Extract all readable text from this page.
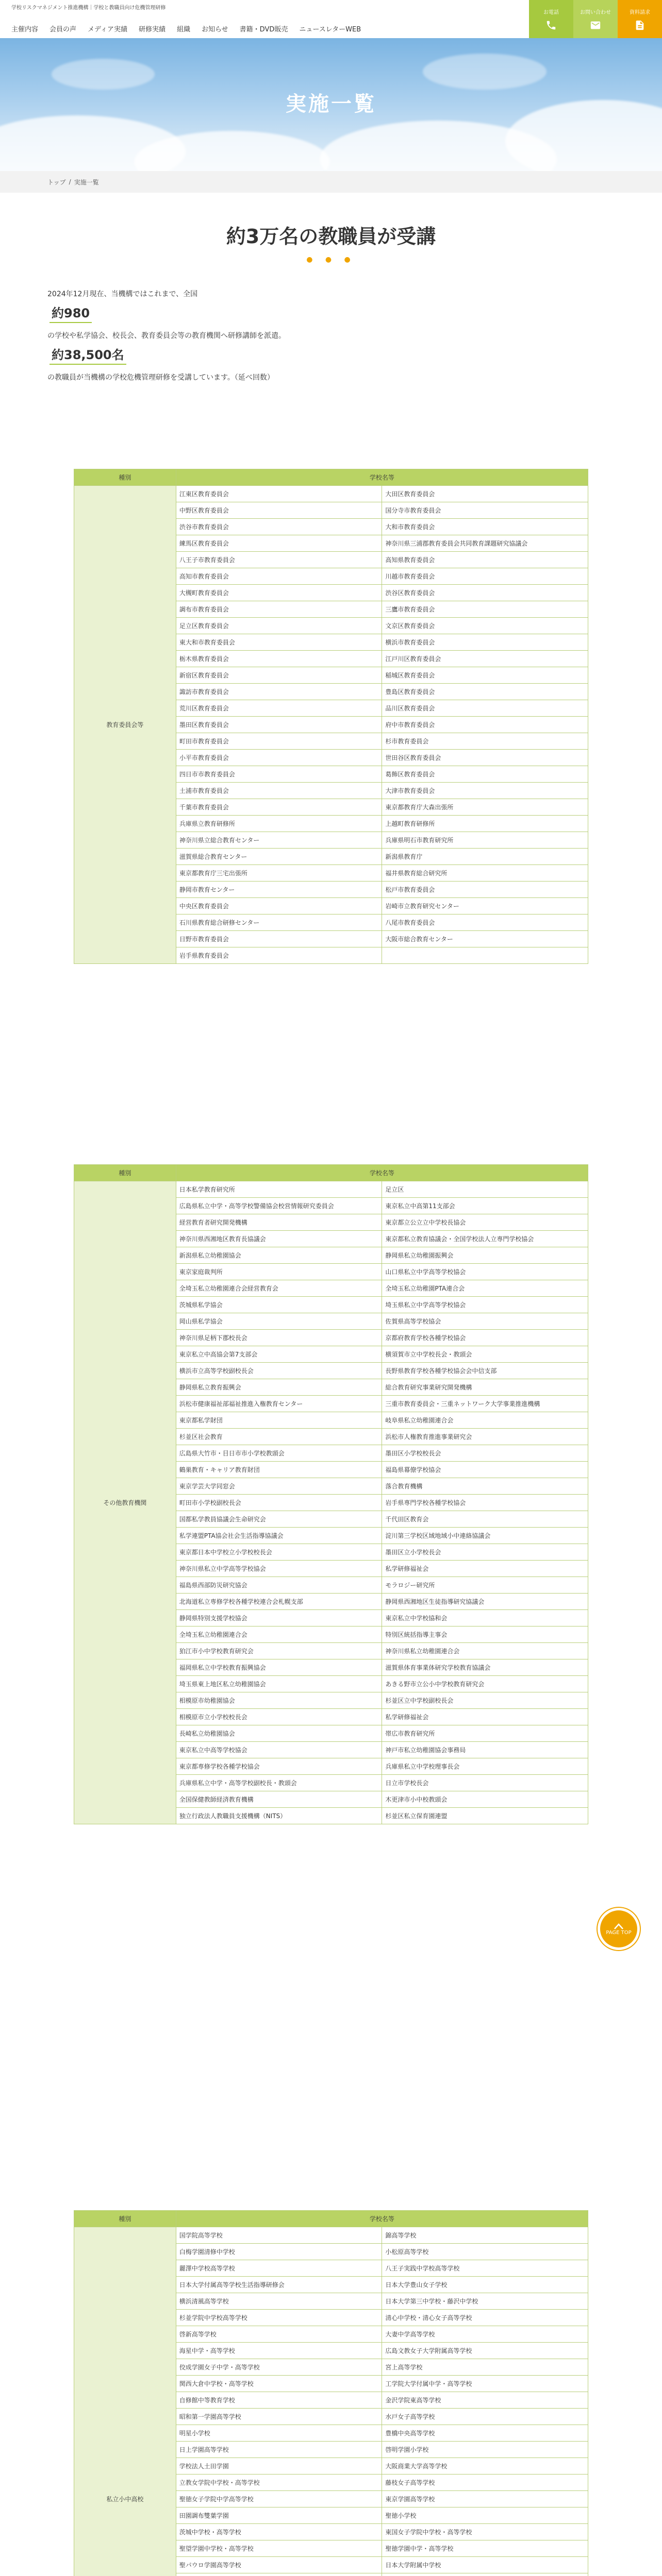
学校リスクマネジメント推進機構｜学校と教職員向け危機管理研修
主催内容 会員の声 メディア実績 研修実績 組織 お知らせ 書籍・DVD販売 ニュースレターWEB
お電話	お問い合わせ	資料請求
実施一覧
トップ / 実施一覧
約3万名の教職員が受講
● ● ●
2024年12月現在、当機構ではこれまで、全国
約980
の学校や私学協会、校長会、教育委員会等の教育機関へ研修講師を派遣。
約38,500名
の教職員が当機構の学校危機管理研修を受講しています。（延べ回数）
種別	学校名等	
教育委員会等	江東区教育委員会	大田区教育委員会
	中野区教育委員会	国分寺市教育委員会
	渋谷市教育委員会	大和市教育委員会
	練馬区教育委員会	神奈川県三浦郡教育委員会共同教育課題研究協議会
	八王子市教育委員会	高知県教育委員会
	高知市教育委員会	川越市教育委員会
	大槻町教育委員会	渋谷区教育委員会
	調布市教育委員会	三鷹市教育委員会
	足立区教育委員会	文京区教育委員会
	東大和市教育委員会	横浜市教育委員会
	栃木県教育委員会	江戸川区教育委員会
	新宿区教育委員会	稲城区教育委員会
	諏訪市教育委員会	豊島区教育委員会
	荒川区教育委員会	品川区教育委員会
	墨田区教育委員会	府中市教育委員会
	町田市教育委員会	杉市教育委員会
	小平市教育委員会	世田谷区教育委員会
	四日市市教育委員会	葛飾区教育委員会
	土浦市教育委員会	大津市教育委員会
	千葉市教育委員会	東京都教育庁大森出張所
	兵庫県立教育研修所	上越町教育研修所
	神奈川県立総合教育センター	兵庫県明石市教育研究所
	滋賀県総合教育センター	新潟県教育庁
	東京都教育庁三宅出張所	福井県教育総合研究所
	静岡市教育センター	松戸市教育委員会
	中央区教育委員会	岩崎市立教育研究センター
	石川県教育総合研修センター	八尾市教育委員会
	日野市教育委員会	大阪市総合教育センター
	岩手県教育委員会	
種別	学校名等	
その他教育機関	日本私学教育研究所	足立区
	広島県私立中学・高等学校警備協会校営情報研究委員会	東京私立中高第11支部会
	経営教育者研究開発機構	東京都立公立立中学校長協会
	神奈川県西湘地区教育長協議会	東京都私立教育協議会・全国学校法人立専門学校協会
	新潟県私立幼稚園協会	静岡県私立幼稚園振興会
	東京家庭裁判所	山口県私立中学高等学校協会
	全埼玉私立幼稚園連合会経営教育会	全埼玉私立幼稚園PTA連合会
	茨城県私学協会	埼玉県私立中学高等学校協会
	岡山県私学協会	佐賀県高等学校協会
	神奈川県足柄下郡校長会	京都府教育学校各種学校協会
	東京私立中高協会第7支部会	横須賀市立中学校長会・教頭会
	横浜市立高等学校副校長会	長野県教育学校各種学校協会会中信支部
	静岡県私立教育振興会	総合教育研究事業研究開発機構
	浜松市健康福祉部福祉推進入権教育センター	三重市教育委員会・三重ネットワーク大学事業推進機構
	東京都私学財団	岐阜県私立幼稚園連合会
	杉並区社会教育	浜松市人権教育推進事業研究会
	広島県大竹市・目日市市小学校教頭会	墨田区小学校校長会
	鶴巣教育・キャリア教育財団	福島県幕僚学校協会
	東京学芸大学同窓会	落合教育機構
	町田市小学校副校長会	岩手県専門学校各種学校協会
	国都私学教員協議会生命研究会	千代田区教育会
	私学連盟PTA協会社会生活指導協議会	淀川第三学校区域地域小中連絡協議会
	東京都日本中学校立小学校校長会	墨田区立小学校長会
	神奈川県私立中学高等学校協会	私学研修福祉会
	福島県西部防災研究協会	モラロジー研究所
	北海道私立専修学校各種学校連合会札幌支部	静岡県西湘地区生徒指導研究協議会
	静岡県特別支援学校協会	東京私立中学校協和会
	全埼玉私立幼稚園連合会	特別区統括指導主事会
	狛江市小中学校教育研究会	神奈川県私立幼稚園連合会
	福岡県私立中学校教育振興協会	滋賀県体育事業体研究学校教育協議会
	埼玉県東上地区私立幼稚園協会	あきる野市立公小中学校教育研究会
	相模原市幼稚園協会	杉並区立中学校副校長会
	相模原市立小学校校長会	私学研修福祉会
	長崎私立幼稚園協会	帯広市教育研究所
	東京私立中高等学校協会	神戸市私立幼稚園協会事務局
	東京都専修学校各種学校協会	兵庫県私立中学校理事長会
	兵庫県私立中学・高等学校副校長・教頭会	日立市学校長会
	全国保健教師経済教育機構	木更津市小中校教頭会
	独立行政法人教職員支援機構（NITS）	杉並区私立保育園連盟
種別	学校名等	
私立小中高校	国学院高等学校	錦高等学校
	白梅学園清修中学校	小松原高等学校
	麗澤中学校高等学校	八王子実践中学校高等学校
	日本大学付属高等学校生活指導研修会	日本大学豊山女子学校
	横浜清風高等学校	日本大学第三中学校・藤沢中学校
	杉並学院中学校高等学校	清心中学校・清心女子高等学校
	啓新高等学校	大妻中学高等学校
	海星中学・高等学校	広島文教女子大学附属高等学校
	佼成学園女子中学・高等学校	宮上高等学校
	関西大倉中学校・高等学校	工学院大学付属中学・高等学校
	自修館中等教育学校	金沢学院東高等学校
	昭和第一学園高等学校	水戸女子高等学校
	明星小学校	豊橋中央高等学校
	日上学園高等学校	啓明学園小学校
	学校法人土田学園	大阪商業大学高等学校
	立教女学院中学校・高等学校	藤枝女子高等学校
	聖徳女子学院中学高等学校	東京学園高等学校
	田園調布雙葉学園	聖徳小学校
	茨城中学校・高等学校	東国女子学院中学校・高等学校
	聖望学園中学校・高等学校	聖徳学園中学・高等学校
	聖パウロ学園高等学校	日本大学附属中学校

PAGE TOP
